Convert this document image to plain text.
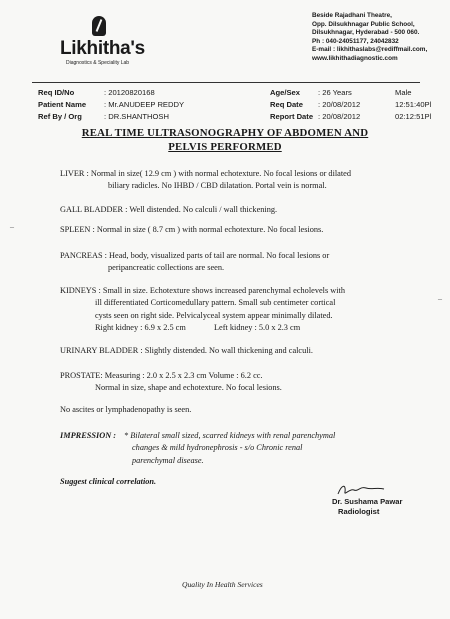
Likhitha's
Diagnostics & Speciality Lab
Beside Rajadhani Theatre,
Opp. Dilsukhnagar Public School,
Dilsukhnagar, Hyderabad - 500 060.
Ph : 040-24051177, 24042832
E-mail : likhithaslabs@rediffmail.com,
www.likhithadiagnostic.com
Req ID/No	: 20120820168
Patient Name : Mr.ANUDEEP REDDY
Ref By / Org	: DR.SHANTHOSH
Age/Sex : 26 Years	Male
Req Date : 20/08/2012	12:51:40Pl
Report Date : 20/08/2012	02:12:51Pl
REAL TIME ULTRASONOGRAPHY OF ABDOMEN AND
PELVIS PERFORMED
LIVER : Normal in size( 12.9 cm ) with normal echotexture. No focal lesions or dilated
biliary radicles. No IHBD / CBD dilatation. Portal vein is normal.
GALL BLADDER : Well distended. No calculi / wall thickening.
SPLEEN : Normal in size ( 8.7 cm ) with normal echotexture. No focal lesions.
PANCREAS : Head, body, visualized parts of tail are normal. No focal lesions or
peripancreatic collections are seen.
KIDNEYS : Small in size. Echotexture shows increased parenchymal echolevels with
ill differentiated Corticomedullary pattern. Small sub centimeter cortical
cysts seen on right side. Pelvicalyceal system appear minimally dilated.
Right kidney : 6.9 x 2.5 cm	Left kidney : 5.0 x 2.3 cm
URINARY BLADDER : Slightly distended. No wall thickening and calculi.
PROSTATE: Measuring : 2.0 x 2.5 x 2.3 cm Volume : 6.2 cc.
Normal in size, shape and echotexture. No focal lesions.
No ascites or lymphadenopathy is seen.
IMPRESSION : * Bilateral small sized, scarred kidneys with renal parenchymal
changes & mild hydronephrosis - s/o Chronic renal
parenchymal disease.
Suggest clinical correlation.
Dr. Sushama Pawar
Radiologist
–
–
Quality In Health Services
